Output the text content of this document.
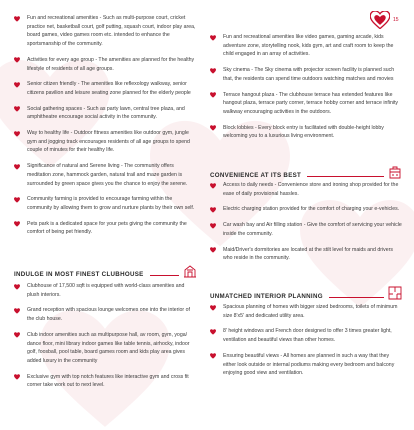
15
Fun and recreational amenities - Such as multi-purpose court, cricket practice net, basketball court, golf putting, squash court, indoor play area, board games, video games room etc. intended to enhance the sportsmanship of the community.
Activities for every age group - The amenities are planned for the healthy lifestyle of residents of all age groups.
Senior citizen friendly - The amenities like reflexology walkway, senior citizens pavilion and leisure seating zone planned for the elderly people
Social gathering spaces - Such as party lawn, central tree plaza, and amphitheatre encourage social activity in the community.
Way to healthy life - Outdoor fitness amenities like outdoor gym, jungle gym and jogging track encourages residents of all age groups to spend couple of minutes for their healthy life.
Significance of natural and Serene living - The community offers meditation zone, hammock garden, natural trail and maze garden is surrounded by green space gives you the chance to enjoy the serene.
Community farming is provided to encourage farming within the community by allowing them to grow and nurture plants by their own self.
Pets park is a dedicated space for your pets giving the community the comfort of being pet friendly.
INDULGE IN MOST FINEST CLUBHOUSE
Clubhouse of 17,500 sqft is equipped with world-class amenities and plush interiors.
Grand reception with spacious lounge welcomes one into the interior of the club house.
Club indoor amenities such as multipurpose hall, av room, gym, yoga/ dance floor, mini library indoor games like table tennis, airhocky, indoor golf, foosball, pool table, board games room and kids play area gives added luxury in the community
Exclusive gym with top notch features like interactive gym and cross fit corner take work out to next level.
Fun and recreational amenities like video games, gaming arcade, kids adventure zone, storytelling nook, kids gym, art and craft room to keep the child engaged in an array of activities.
Sky cinema - The Sky cinema with projector screen facility is planned such that, the residents can spend time outdoors watching matches and movies
Terrace hangout plaza - The clubhouse terrace has extended features like hangout plaza, terrace party corner, terrace hobby corner and terrace infinity walkway encouraging activities in the outdoors.
Block lobbies - Every block entry is facilitated with double-height lobby welcoming you to a luxurious living environment.
CONVENIENCE AT ITS BEST
Access to daily needs - Convenience store and ironing shop provided for the ease of daily provisional hassles.
Electric charging station provided for the comfort of charging your e-vehicles.
Car wash bay and Air filling station - Give the comfort of servicing your vehicle inside the community.
Maid/Driver's dormitories are located at the stilt level for maids and drivers who reside in the community.
UNMATCHED INTERIOR PLANNING
Spacious planning of homes with bigger sized bedrooms, toilets of minimum size 8'x5' and dedicated utility area.
8' height windows and French door designed to offer 3 times greater light, ventilation and beautiful views than other homes.
Ensuring beautiful views - All homes are planned in such a way that they either look outside or internal podiums making every bedroom and balcony enjoying good view and ventilation.
